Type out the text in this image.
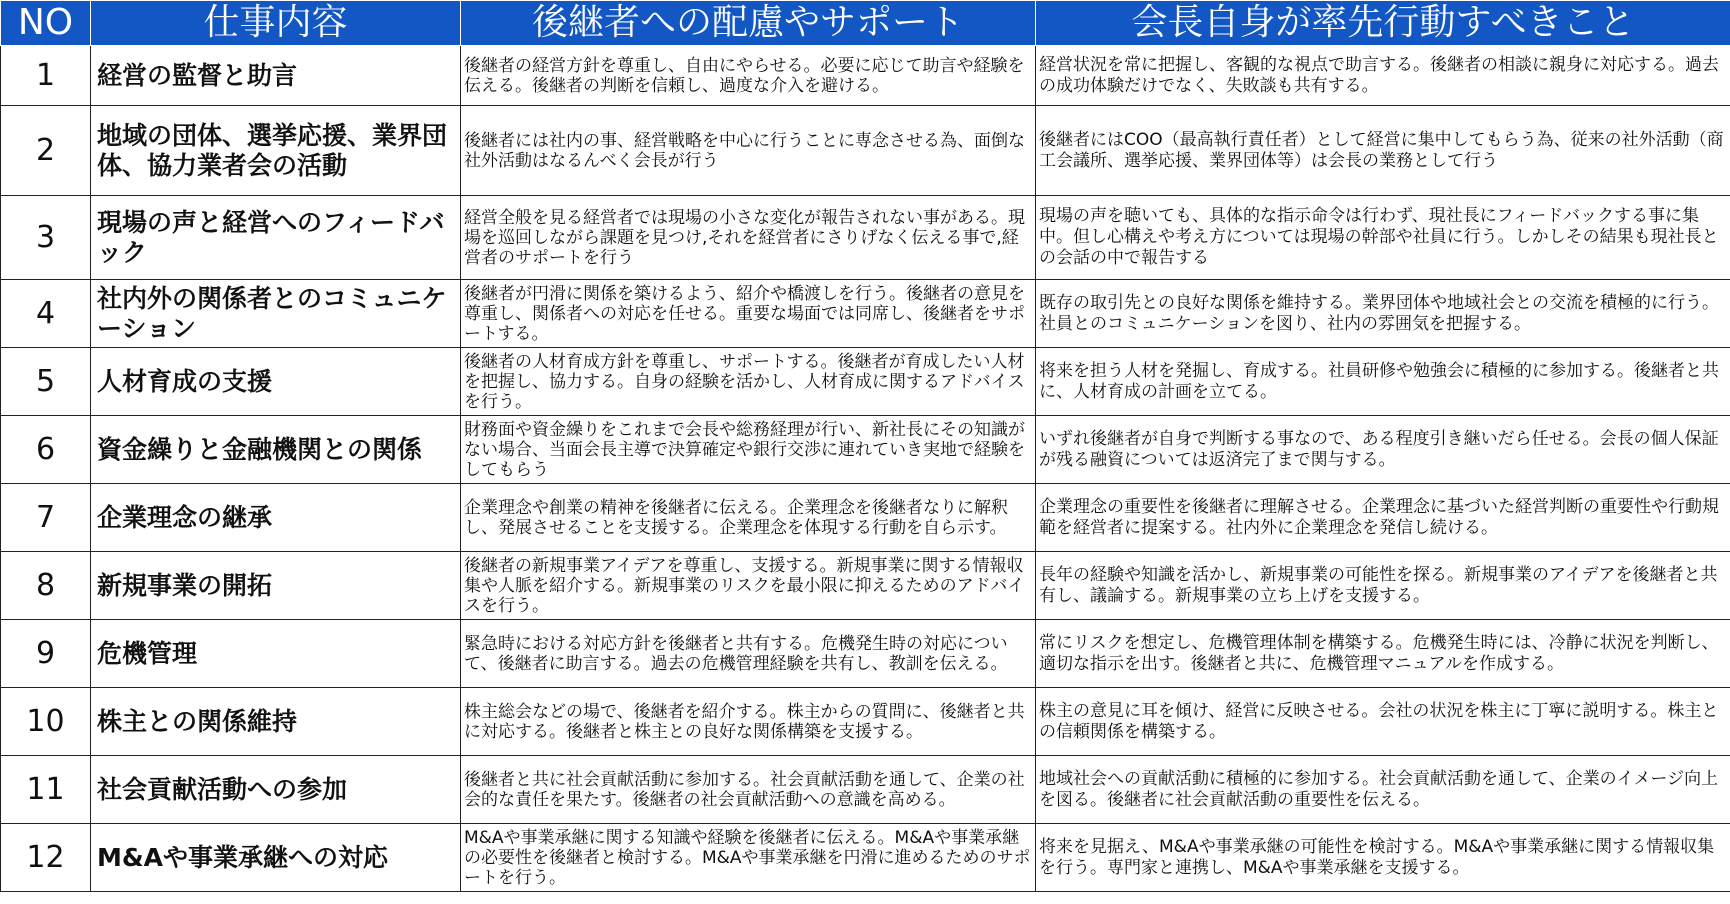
NO	仕事内容	後継者への配慮やサポート	会長自身が率先行動すべきこと
1	経営の監督と助言	後継者の経営方針を尊重し、自由にやらせる。必要に応じて助言や経験を伝える。後継者の判断を信頼し、過度な介入を避ける。	経営状況を常に把握し、客観的な視点で助言する。後継者の相談に親身に対応する。過去の成功体験だけでなく、失敗談も共有する。
2	地域の団体、選挙応援、業界団体、協力業者会の活動	後継者には社内の事、経営戦略を中心に行うことに専念させる為、面倒な社外活動はなるんべく会長が行う	後継者にはCOO（最高執行責任者）として経営に集中してもらう為、従来の社外活動（商工会議所、選挙応援、業界団体等）は会長の業務として行う
3	現場の声と経営へのフィードバック	経営全般を見る経営者では現場の小さな変化が報告されない事がある。現場を巡回しながら課題を見つけ,それを経営者にさりげなく伝える事で,経営者のサポートを行う	現場の声を聴いても、具体的な指示命令は行わず、現社長にフィードバックする事に集中。但し心構えや考え方については現場の幹部や社員に行う。しかしその結果も現社長との会話の中で報告する
4	社内外の関係者とのコミュニケーション	後継者が円滑に関係を築けるよう、紹介や橋渡しを行う。後継者の意見を尊重し、関係者への対応を任せる。重要な場面では同席し、後継者をサポートする。	既存の取引先との良好な関係を維持する。業界団体や地域社会との交流を積極的に行う。社員とのコミュニケーションを図り、社内の雰囲気を把握する。
5	人材育成の支援	後継者の人材育成方針を尊重し、サポートする。後継者が育成したい人材を把握し、協力する。自身の経験を活かし、人材育成に関するアドバイスを行う。	将来を担う人材を発掘し、育成する。社員研修や勉強会に積極的に参加する。後継者と共に、人材育成の計画を立てる。
6	資金繰りと金融機関との関係	財務面や資金繰りをこれまで会長や総務経理が行い、新社長にその知識がない場合、当面会長主導で決算確定や銀行交渉に連れていき実地で経験をしてもらう	いずれ後継者が自身で判断する事なので、ある程度引き継いだら任せる。会長の個人保証が残る融資については返済完了まで関与する。
7	企業理念の継承	企業理念や創業の精神を後継者に伝える。企業理念を後継者なりに解釈し、発展させることを支援する。企業理念を体現する行動を自ら示す。	企業理念の重要性を後継者に理解させる。企業理念に基づいた経営判断の重要性や行動規範を経営者に提案する。社内外に企業理念を発信し続ける。
8	新規事業の開拓	後継者の新規事業アイデアを尊重し、支援する。新規事業に関する情報収集や人脈を紹介する。新規事業のリスクを最小限に抑えるためのアドバイスを行う。	長年の経験や知識を活かし、新規事業の可能性を探る。新規事業のアイデアを後継者と共有し、議論する。新規事業の立ち上げを支援する。
9	危機管理	緊急時における対応方針を後継者と共有する。危機発生時の対応について、後継者に助言する。過去の危機管理経験を共有し、教訓を伝える。	常にリスクを想定し、危機管理体制を構築する。危機発生時には、冷静に状況を判断し、適切な指示を出す。後継者と共に、危機管理マニュアルを作成する。
10	株主との関係維持	株主総会などの場で、後継者を紹介する。株主からの質問に、後継者と共に対応する。後継者と株主との良好な関係構築を支援する。	株主の意見に耳を傾け、経営に反映させる。会社の状況を株主に丁寧に説明する。株主との信頼関係を構築する。
11	社会貢献活動への参加	後継者と共に社会貢献活動に参加する。社会貢献活動を通して、企業の社会的な責任を果たす。後継者の社会貢献活動への意識を高める。	地域社会への貢献活動に積極的に参加する。社会貢献活動を通して、企業のイメージ向上を図る。後継者に社会貢献活動の重要性を伝える。
12	M&Aや事業承継への対応	M&Aや事業承継に関する知識や経験を後継者に伝える。M&Aや事業承継の必要性を後継者と検討する。M&Aや事業承継を円滑に進めるためのサポートを行う。	将来を見据え、M&Aや事業承継の可能性を検討する。M&Aや事業承継に関する情報収集を行う。専門家と連携し、M&Aや事業承継を支援する。
